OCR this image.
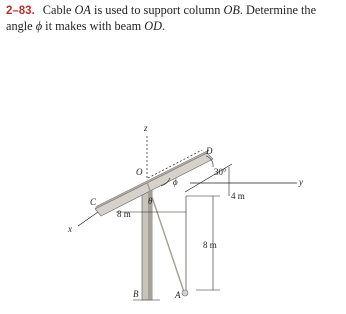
2–83. Cable OA is used to support column OB. Determine the angle ϕ it makes with beam OD.

z
O
D
C
x
y
A
B
ϕ
θ
30°
4 m
8 m
8 m
